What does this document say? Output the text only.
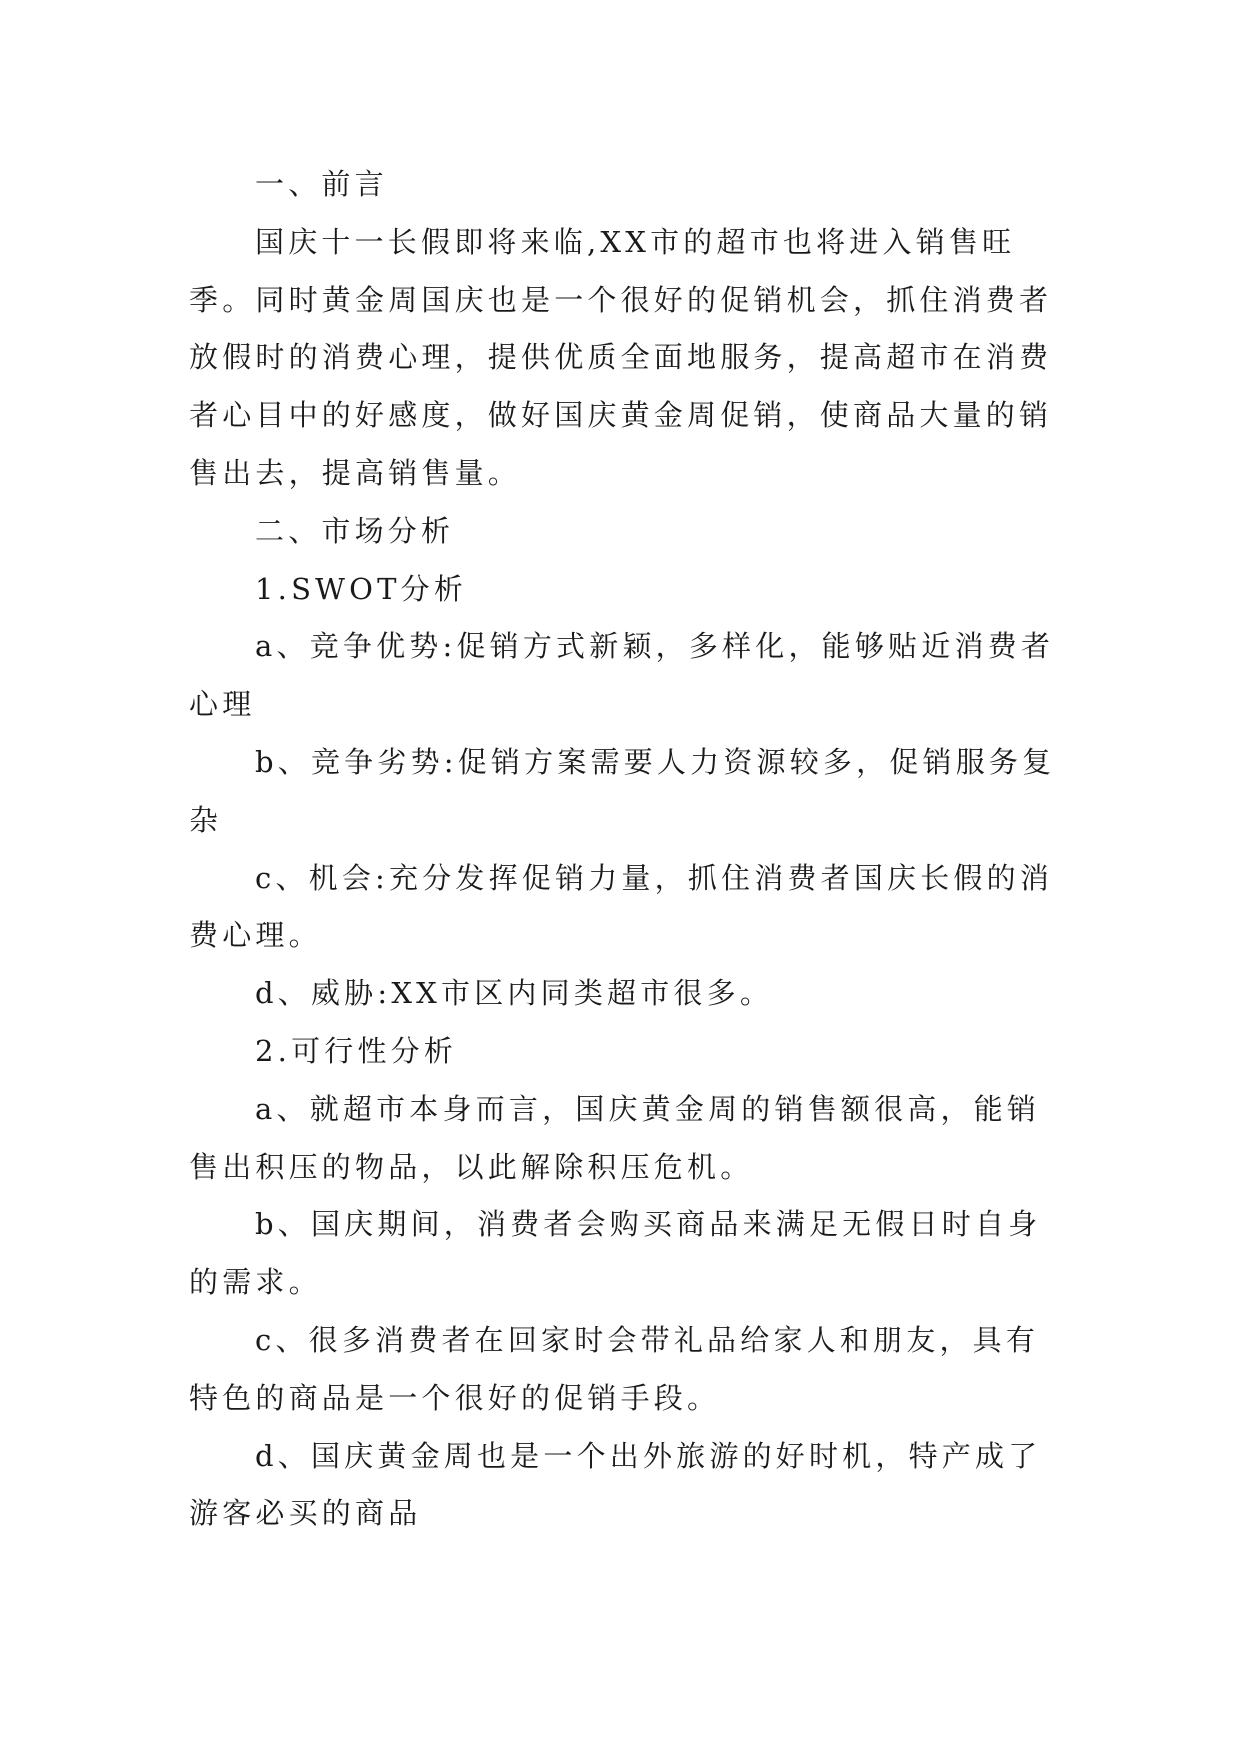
一、前言

国庆十一长假即将来临,XX市的超市也将进入销售旺季。同时黄金周国庆也是一个很好的促销机会，抓住消费者放假时的消费心理，提供优质全面地服务，提高超市在消费者心目中的好感度，做好国庆黄金周促销，使商品大量的销售出去，提高销售量。

二、市场分析

1.SWOT分析

a、竞争优势:促销方式新颖，多样化，能够贴近消费者心理

b、竞争劣势:促销方案需要人力资源较多，促销服务复杂

c、机会:充分发挥促销力量，抓住消费者国庆长假的消费心理。

d、威胁:XX市区内同类超市很多。

2.可行性分析

a、就超市本身而言，国庆黄金周的销售额很高，能销售出积压的物品，以此解除积压危机。

b、国庆期间，消费者会购买商品来满足无假日时自身的需求。

c、很多消费者在回家时会带礼品给家人和朋友，具有特色的商品是一个很好的促销手段。

d、国庆黄金周也是一个出外旅游的好时机，特产成了游客必买的商品
